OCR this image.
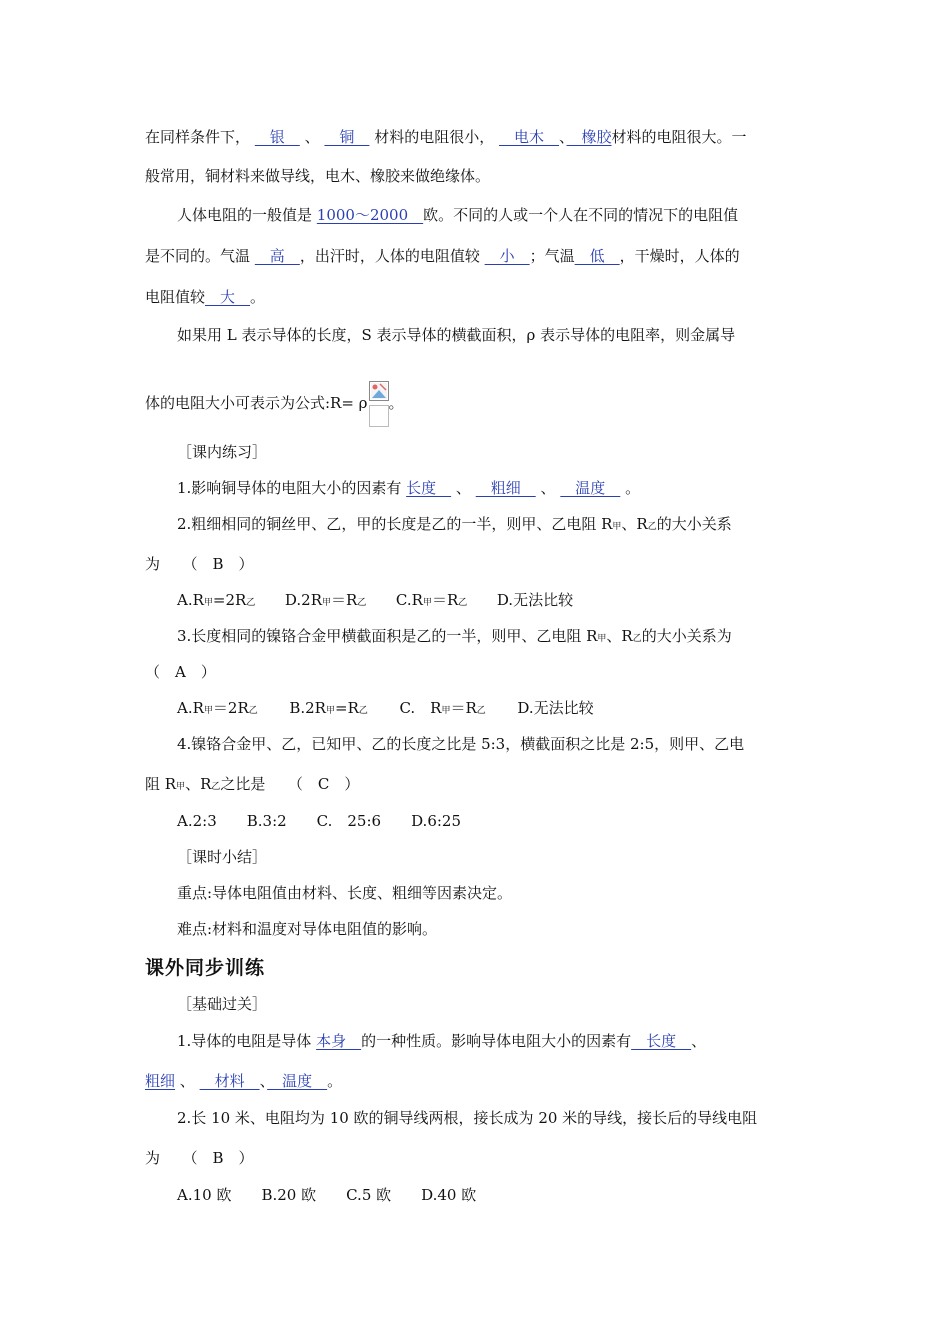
在同样条件下， 　银　 、 　铜　 材料的电阻很小， 　电木　、　橡胶材料的电阻很大。一
般常用，铜材料来做导线，电木、橡胶来做绝缘体。
人体电阻的一般值是 1000～2000　欧。不同的人或一个人在不同的情况下的电阻值
是不同的。气温 　高　，出汗时，人体的电阻值较 　小　；气温　低　，干燥时，人体的
电阻值较　大　。
如果用 L 表示导体的长度，S 表示导体的横截面积，ρ 表示导体的电阻率，则金属导
体的电阻大小可表示为公式:R= ρ 。
［课内练习］
1.影响铜导体的电阻大小的因素有 长度　 、 　粗细　 、 　温度　 。
2.粗细相同的铜丝甲、乙，甲的长度是乙的一半，则甲、乙电阻 R甲、R乙的大小关系
为　　（　B　）
A.R甲=2R乙 D.2R甲＝R乙 C.R甲＝R乙 D.无法比较
3.长度相同的镍铬合金甲横截面积是乙的一半，则甲、乙电阻 R甲、R乙的大小关系为
（　A　）
A.R甲＝2R乙 B.2R甲=R乙 C.　R甲＝R乙 D.无法比较
4.镍铬合金甲、乙，已知甲、乙的长度之比是 5:3，横截面积之比是 2:5，则甲、乙电
阻 R甲、R乙之比是　　（　C　）
A.2:3　　B.3:2　　C.　25:6　　D.6:25
［课时小结］
重点:导体电阻值由材料、长度、粗细等因素决定。
难点:材料和温度对导体电阻值的影响。
课外同步训练
［基础过关］
1.导体的电阻是导体 本身　的一种性质。影响导体电阻大小的因素有　长度　、
粗细 、 　材料　、　温度　。
2.长 10 米、电阻均为 10 欧的铜导线两根，接长成为 20 米的导线，接长后的导线电阻
为　　（　B　）
A.10 欧　　B.20 欧　　C.5 欧　　D.40 欧
